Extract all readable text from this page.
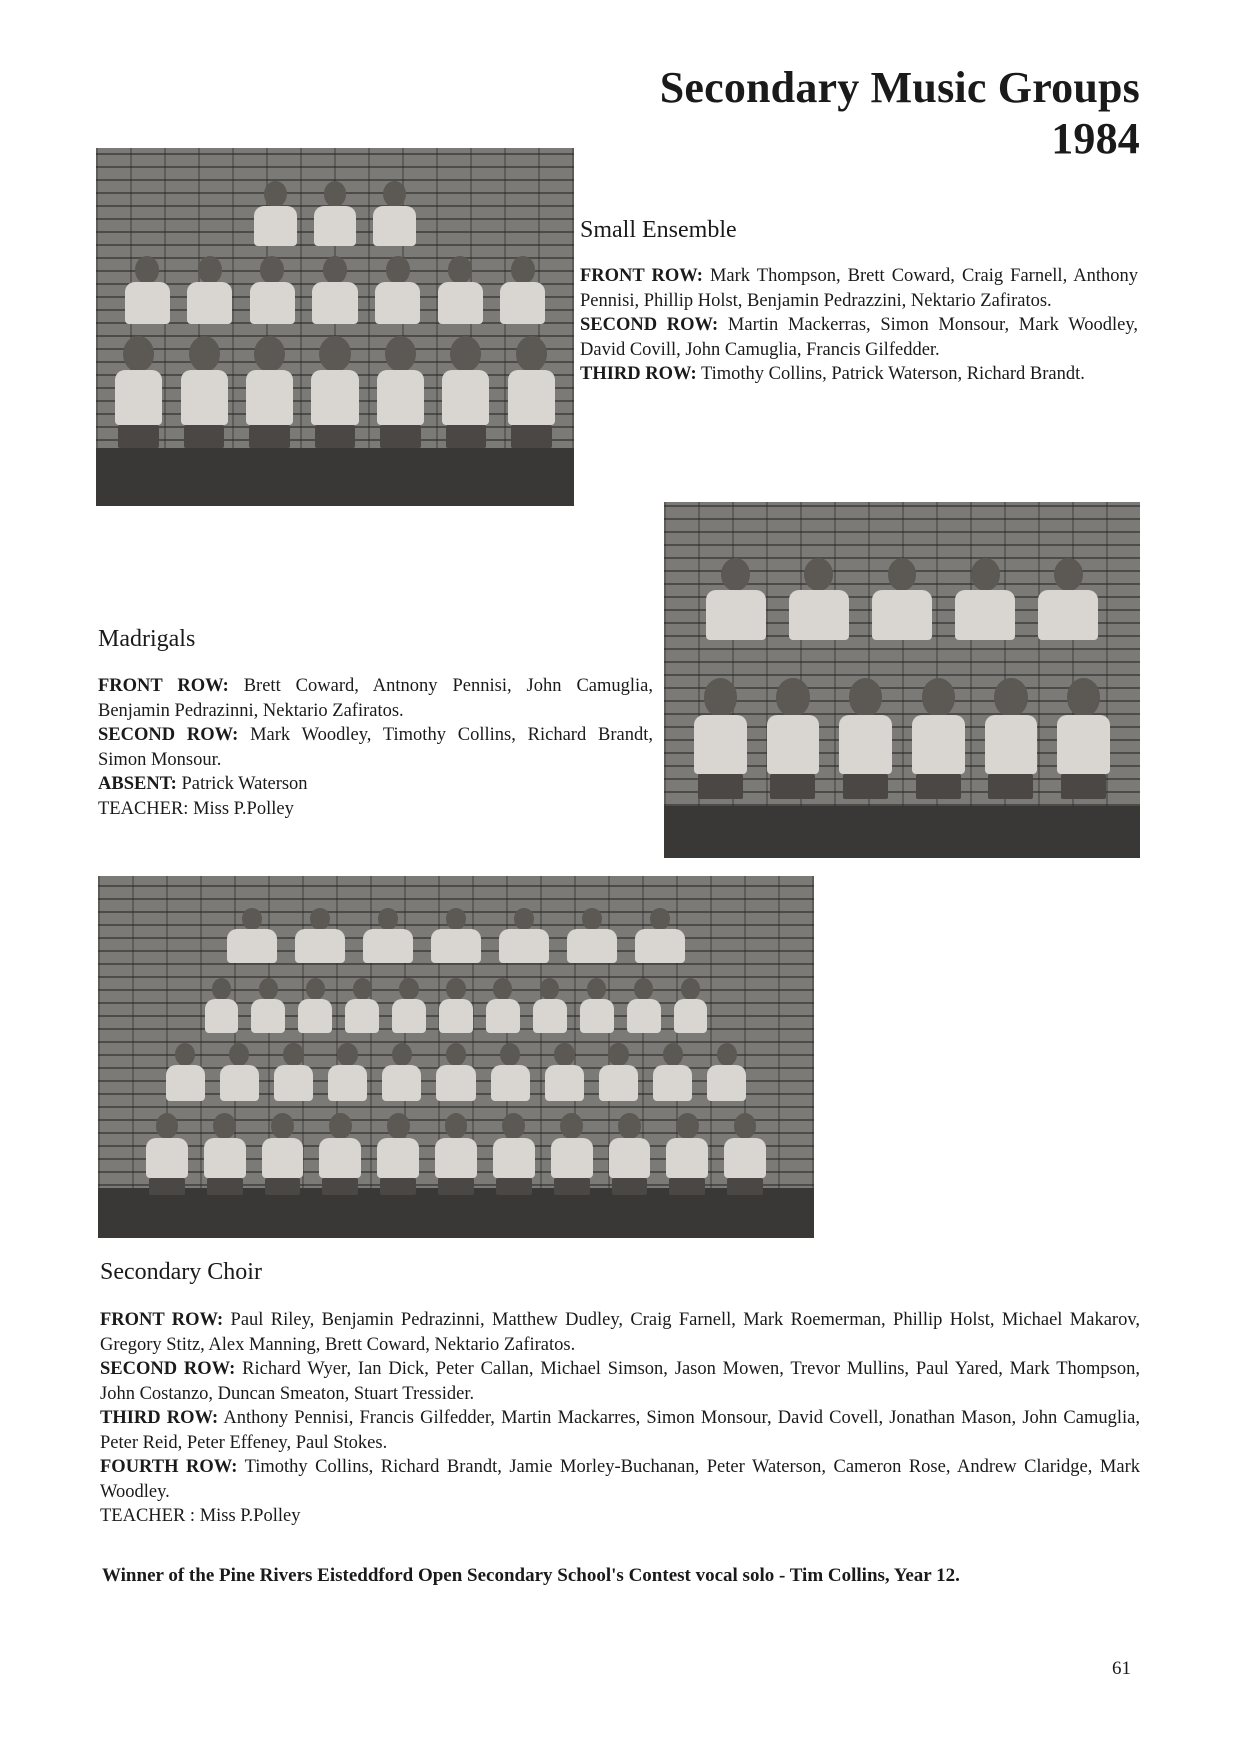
Secondary Music Groups 1984
Small Ensemble

FRONT ROW: Mark Thompson, Brett Coward, Craig Farnell, Anthony Pennisi, Phillip Holst, Benjamin Pedrazzini, Nektario Zafiratos.

SECOND ROW: Martin Mackerras, Simon Monsour, Mark Woodley, David Covill, John Camuglia, Francis Gilfedder.

THIRD ROW: Timothy Collins, Patrick Waterson, Richard Brandt.

Madrigals

FRONT ROW: Brett Coward, Antnony Pennisi, John Camuglia, Benjamin Pedrazinni, Nektario Zafiratos.

SECOND ROW: Mark Woodley, Timothy Collins, Richard Brandt, Simon Monsour.

ABSENT: Patrick Waterson

TEACHER: Miss P.Polley

Secondary Choir

FRONT ROW: Paul Riley, Benjamin Pedrazinni, Matthew Dudley, Craig Farnell, Mark Roemerman, Phillip Holst, Michael Makarov, Gregory Stitz, Alex Manning, Brett Coward, Nektario Zafiratos.

SECOND ROW: Richard Wyer, Ian Dick, Peter Callan, Michael Simson, Jason Mowen, Trevor Mullins, Paul Yared, Mark Thompson, John Costanzo, Duncan Smeaton, Stuart Tressider.

THIRD ROW: Anthony Pennisi, Francis Gilfedder, Martin Mackarres, Simon Monsour, David Covell, Jonathan Mason, John Camuglia, Peter Reid, Peter Effeney, Paul Stokes.

FOURTH ROW: Timothy Collins, Richard Brandt, Jamie Morley-Buchanan, Peter Waterson, Cameron Rose, Andrew Claridge, Mark Woodley.

TEACHER : Miss P.Polley

Winner of the Pine Rivers Eisteddford Open Secondary School's Contest vocal solo - Tim Collins, Year 12.
61
